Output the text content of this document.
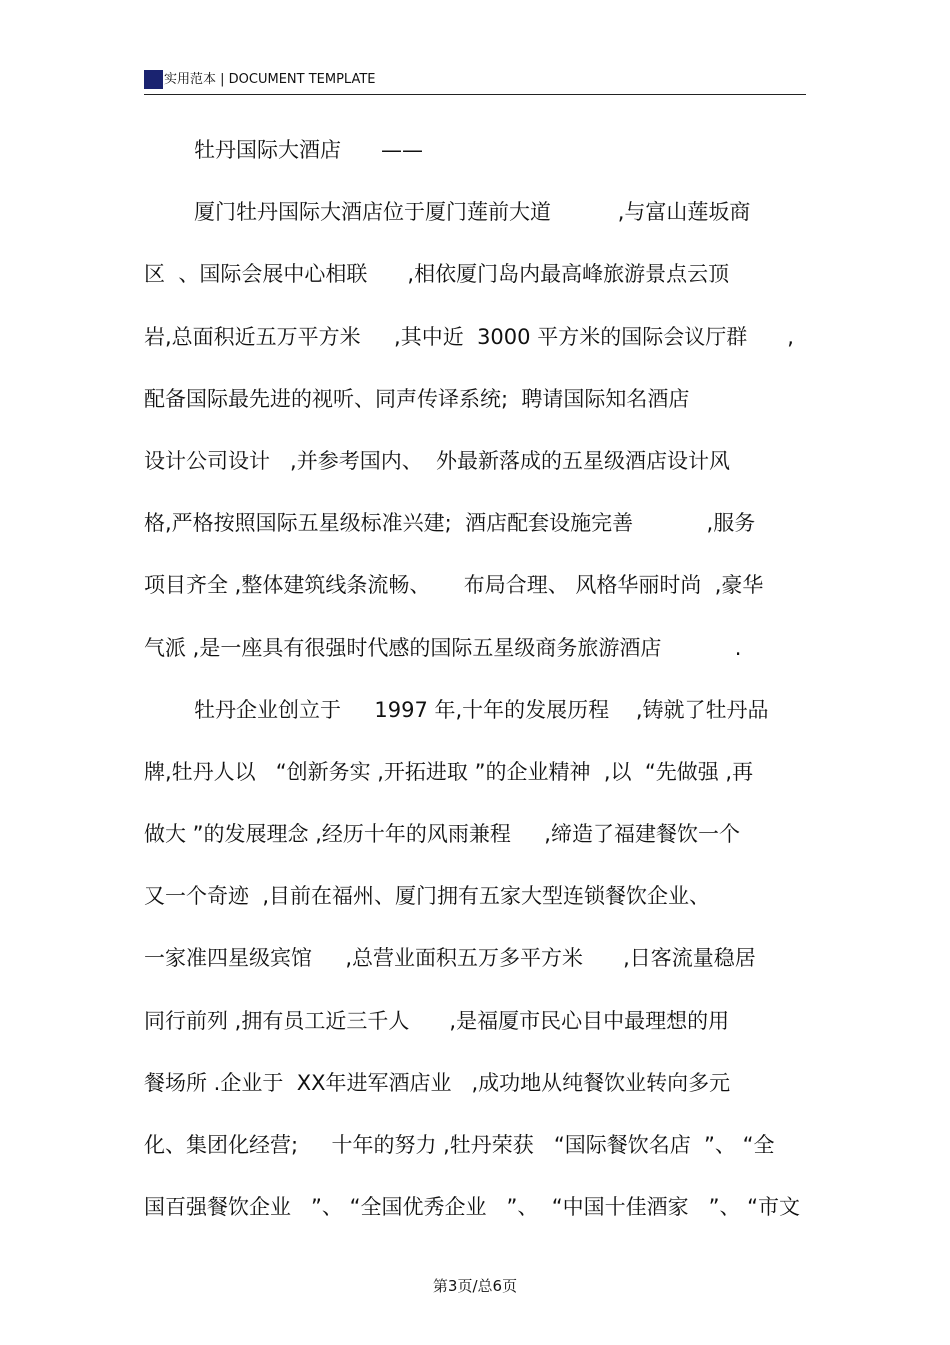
实用范本 | DOCUMENT TEMPLATE
牡丹国际大酒店      ——
厦门牡丹国际大酒店位于厦门莲前大道          ,与富山莲坂商
区  、国际会展中心相联      ,相依厦门岛内最高峰旅游景点云顶
岩,总面积近五万平方米     ,其中近  3000 平方米的国际会议厅群      ,
配备国际最先进的视听、同声传译系统;  聘请国际知名酒店
设计公司设计   ,并参考国内、  外最新落成的五星级酒店设计风
格,严格按照国际五星级标准兴建;  酒店配套设施完善           ,服务
项目齐全 ,整体建筑线条流畅、     布局合理、 风格华丽时尚  ,豪华
气派 ,是一座具有很强时代感的国际五星级商务旅游酒店           .
牡丹企业创立于     1997 年,十年的发展历程    ,铸就了牡丹品
牌,牡丹人以   “创新务实 ,开拓进取 ”的企业精神  ,以  “先做强 ,再
做大 ”的发展理念 ,经历十年的风雨兼程     ,缔造了福建餐饮一个
又一个奇迹  ,目前在福州、厦门拥有五家大型连锁餐饮企业、
一家准四星级宾馆     ,总营业面积五万多平方米      ,日客流量稳居
同行前列 ,拥有员工近三千人      ,是福厦市民心目中最理想的用
餐场所 .企业于  XX年进军酒店业   ,成功地从纯餐饮业转向多元
化、集团化经营;     十年的努力 ,牡丹荣获   “国际餐饮名店  ”、 “全
国百强餐饮企业   ”、 “全国优秀企业   ”、  “中国十佳酒家   ”、 “市文
第3页/总6页
